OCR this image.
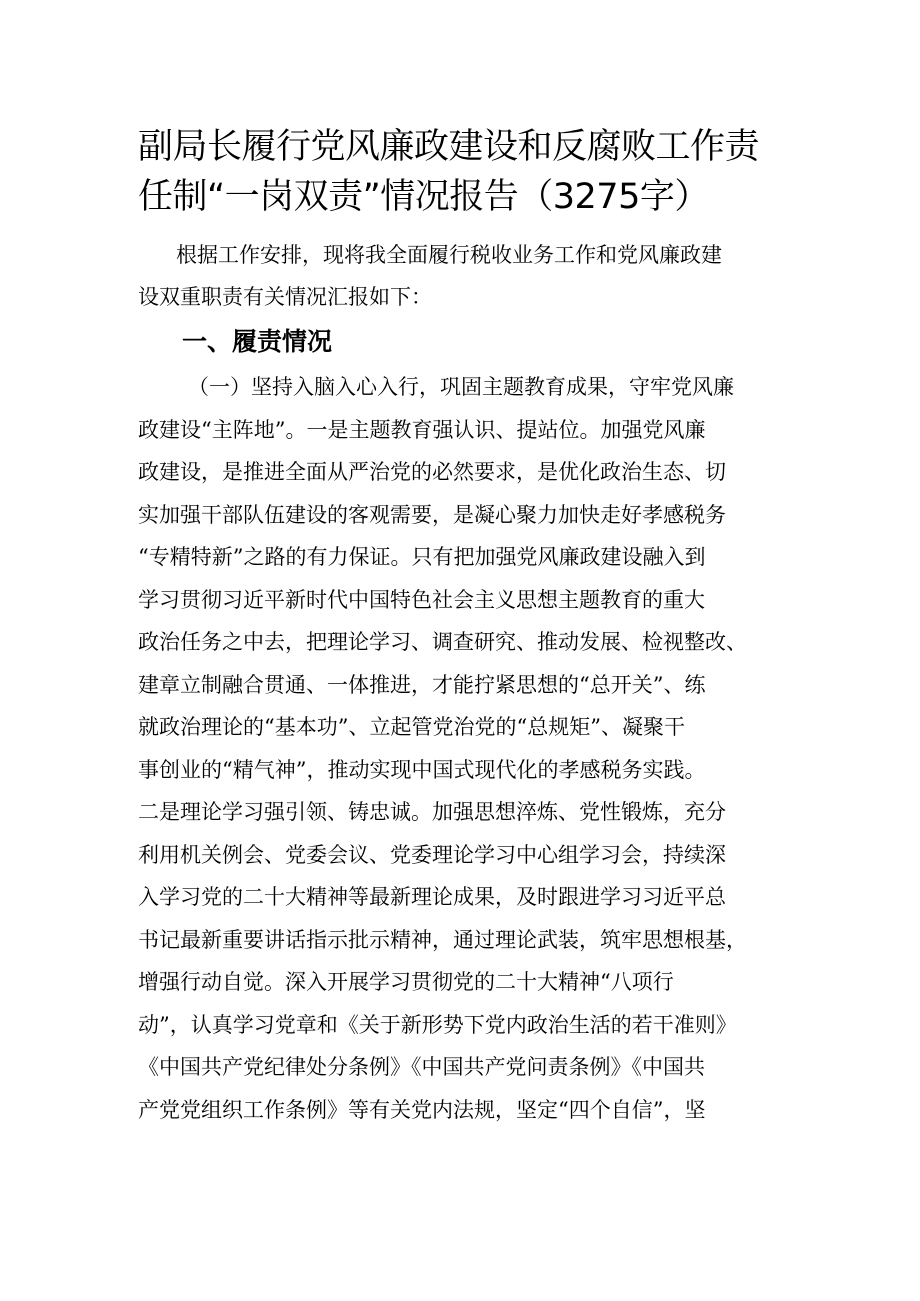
副局长履行党风廉政建设和反腐败工作责
任制“一岗双责”情况报告（3275字）

根据工作安排，现将我全面履行税收业务工作和党风廉政建
设双重职责有关情况汇报如下：

一、履责情况

（一）坚持入脑入心入行，巩固主题教育成果，守牢党风廉
政建设“主阵地”。一是主题教育强认识、提站位。加强党风廉
政建设，是推进全面从严治党的必然要求，是优化政治生态、切
实加强干部队伍建设的客观需要，是凝心聚力加快走好孝感税务
“专精特新”之路的有力保证。只有把加强党风廉政建设融入到
学习贯彻习近平新时代中国特色社会主义思想主题教育的重大
政治任务之中去，把理论学习、调查研究、推动发展、检视整改、
建章立制融合贯通、一体推进，才能拧紧思想的“总开关”、练
就政治理论的“基本功”、立起管党治党的“总规矩”、凝聚干
事创业的“精气神”，推动实现中国式现代化的孝感税务实践。
二是理论学习强引领、铸忠诚。加强思想淬炼、党性锻炼，充分
利用机关例会、党委会议、党委理论学习中心组学习会，持续深
入学习党的二十大精神等最新理论成果，及时跟进学习习近平总
书记最新重要讲话指示批示精神，通过理论武装，筑牢思想根基，
增强行动自觉。深入开展学习贯彻党的二十大精神“八项行
动”，认真学习党章和《关于新形势下党内政治生活的若干准则》
《中国共产党纪律处分条例》《中国共产党问责条例》《中国共
产党党组织工作条例》等有关党内法规，坚定“四个自信”，坚
